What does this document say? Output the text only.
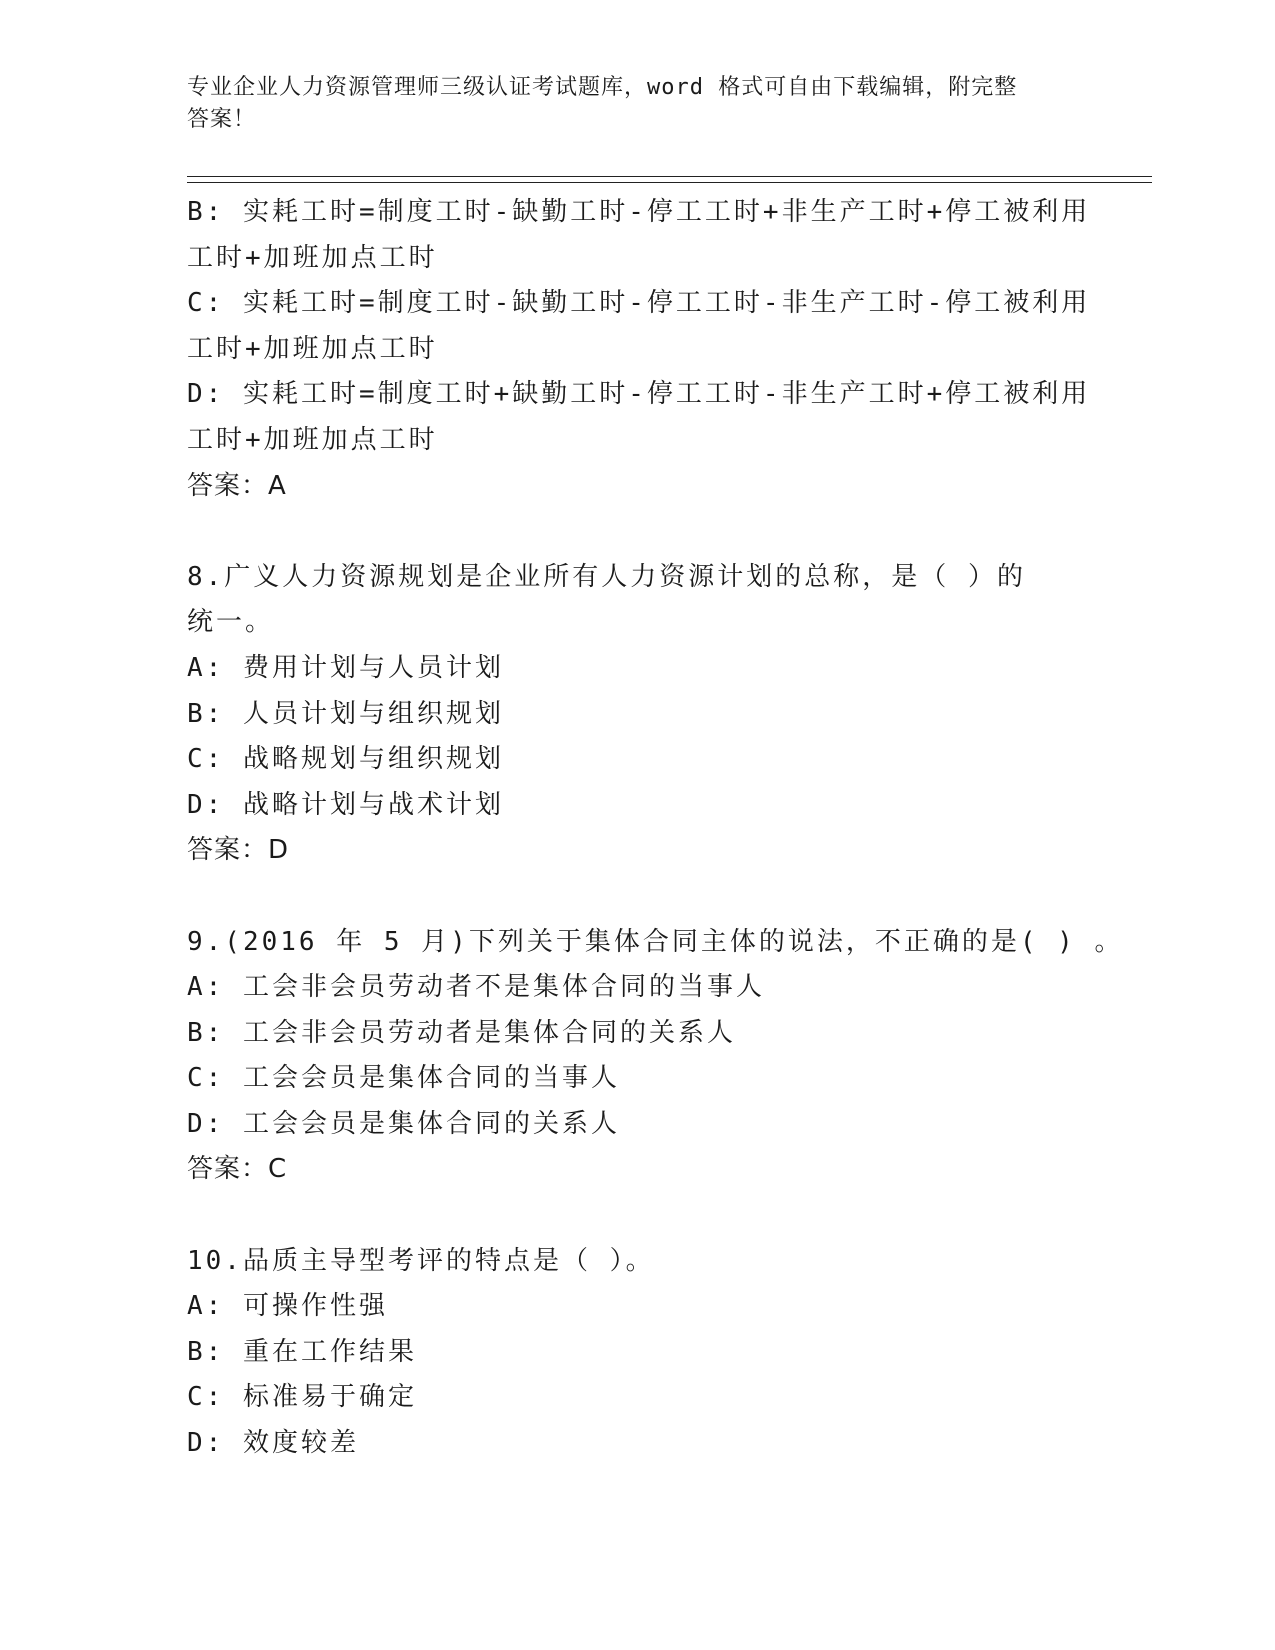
专业企业人力资源管理师三级认证考试题库，word 格式可自由下载编辑，附完整
答案！
B: 实耗工时=制度工时-缺勤工时-停工工时+非生产工时+停工被利用
工时+加班加点工时
C: 实耗工时=制度工时-缺勤工时-停工工时-非生产工时-停工被利用
工时+加班加点工时
D: 实耗工时=制度工时+缺勤工时-停工工时-非生产工时+停工被利用
工时+加班加点工时
答案：A
8.广义人力资源规划是企业所有人力资源计划的总称，是（ ）的
统一。
A: 费用计划与人员计划
B: 人员计划与组织规划
C: 战略规划与组织规划
D: 战略计划与战术计划
答案：D
9.(2016 年 5 月)下列关于集体合同主体的说法，不正确的是( ) 。
A: 工会非会员劳动者不是集体合同的当事人
B: 工会非会员劳动者是集体合同的关系人
C: 工会会员是集体合同的当事人
D: 工会会员是集体合同的关系人
答案：C
10.品质主导型考评的特点是（ ）。
A: 可操作性强
B: 重在工作结果
C: 标准易于确定
D: 效度较差
